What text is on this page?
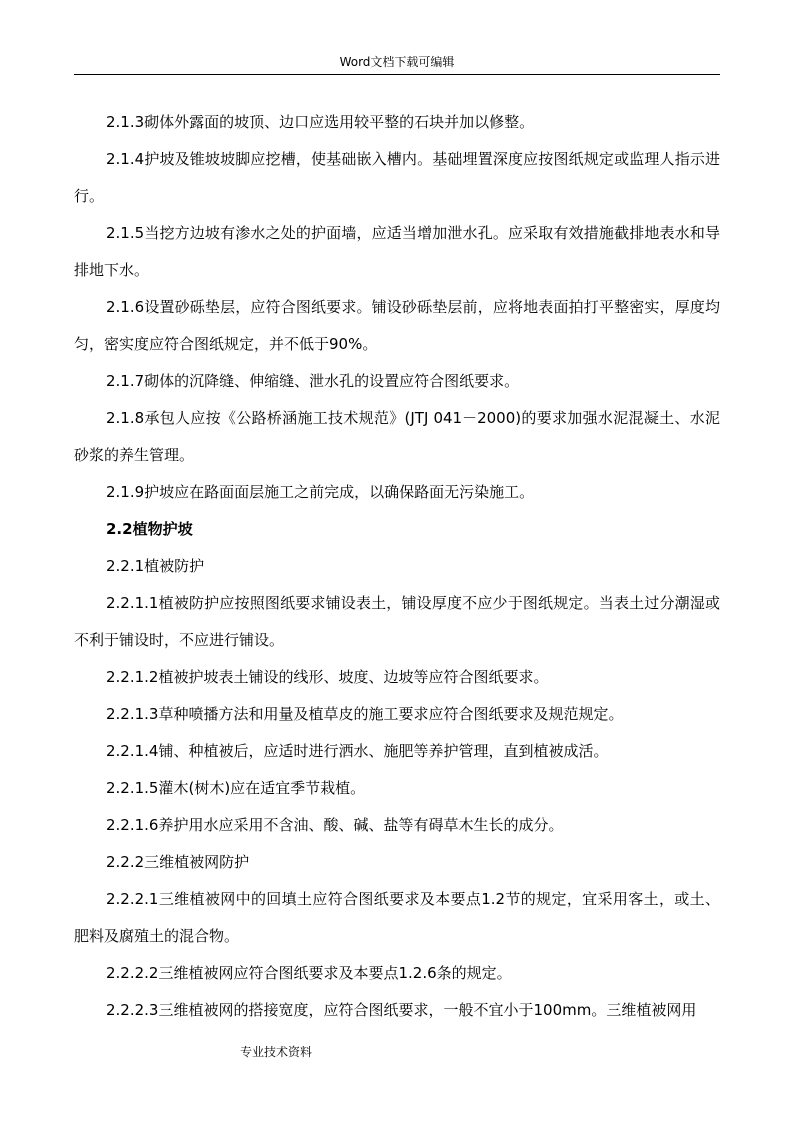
Word文档下载可编辑

2.1.3砌体外露面的坡顶、边口应选用较平整的石块并加以修整。

2.1.4护坡及锥坡坡脚应挖槽，使基础嵌入槽内。基础埋置深度应按图纸规定或监理人指示进行。

2.1.5当挖方边坡有渗水之处的护面墙，应适当增加泄水孔。应采取有效措施截排地表水和导排地下水。

2.1.6设置砂砾垫层，应符合图纸要求。铺设砂砾垫层前，应将地表面拍打平整密实，厚度均匀，密实度应符合图纸规定，并不低于90%。

2.1.7砌体的沉降缝、伸缩缝、泄水孔的设置应符合图纸要求。

2.1.8承包人应按《公路桥涵施工技术规范》(JTJ 041－2000)的要求加强水泥混凝土、水泥砂浆的养生管理。

2.1.9护坡应在路面面层施工之前完成，以确保路面无污染施工。

2.2植物护坡

2.2.1植被防护

2.2.1.1植被防护应按照图纸要求铺设表土，铺设厚度不应少于图纸规定。当表土过分潮湿或不利于铺设时，不应进行铺设。

2.2.1.2植被护坡表土铺设的线形、坡度、边坡等应符合图纸要求。

2.2.1.3草种喷播方法和用量及植草皮的施工要求应符合图纸要求及规范规定。

2.2.1.4铺、种植被后，应适时进行洒水、施肥等养护管理，直到植被成活。

2.2.1.5灌木(树木)应在适宜季节栽植。

2.2.1.6养护用水应采用不含油、酸、碱、盐等有碍草木生长的成分。

2.2.2三维植被网防护

2.2.2.1三维植被网中的回填土应符合图纸要求及本要点1.2节的规定，宜采用客土，或土、肥料及腐殖土的混合物。

2.2.2.2三维植被网应符合图纸要求及本要点1.2.6条的规定。

2.2.2.3三维植被网的搭接宽度，应符合图纸要求，一般不宜小于100mm。三维植被网用

专业技术资料
